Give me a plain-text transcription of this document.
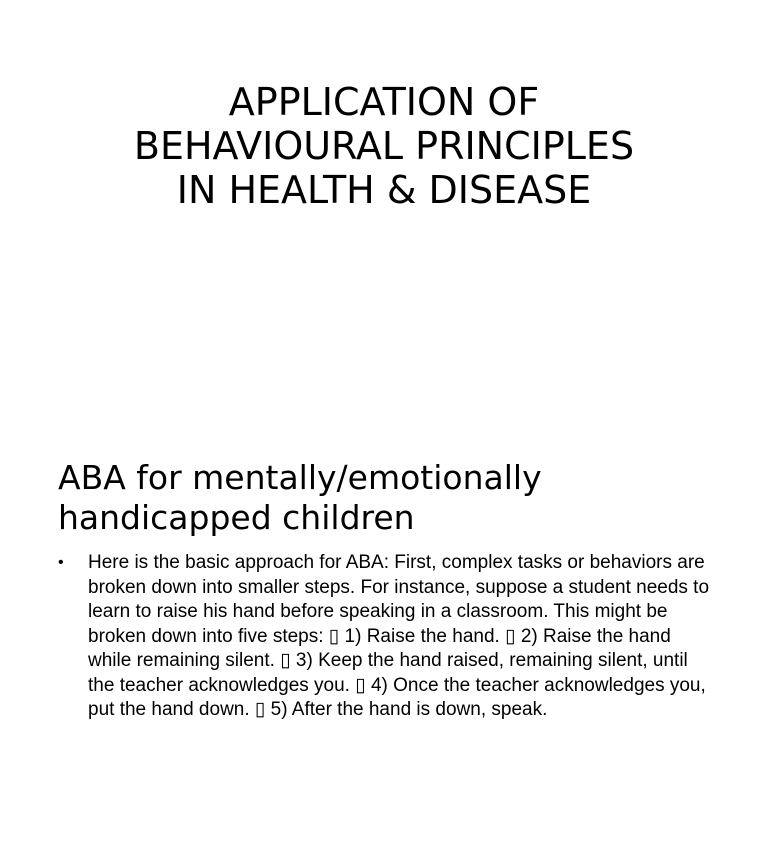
APPLICATION OF
BEHAVIOURAL PRINCIPLES
IN HEALTH & DISEASE
ABA for mentally/emotionally
handicapped children
•	Here is the basic approach for ABA: First, complex tasks or behaviors are broken down into smaller steps. For instance, suppose a student needs to learn to raise his hand before speaking in a classroom. This might be broken down into five steps: ▯ 1) Raise the hand. ▯ 2) Raise the hand while remaining silent. ▯ 3) Keep the hand raised, remaining silent, until the teacher acknowledges you. ▯ 4) Once the teacher acknowledges you, put the hand down. ▯ 5) After the hand is down, speak.
